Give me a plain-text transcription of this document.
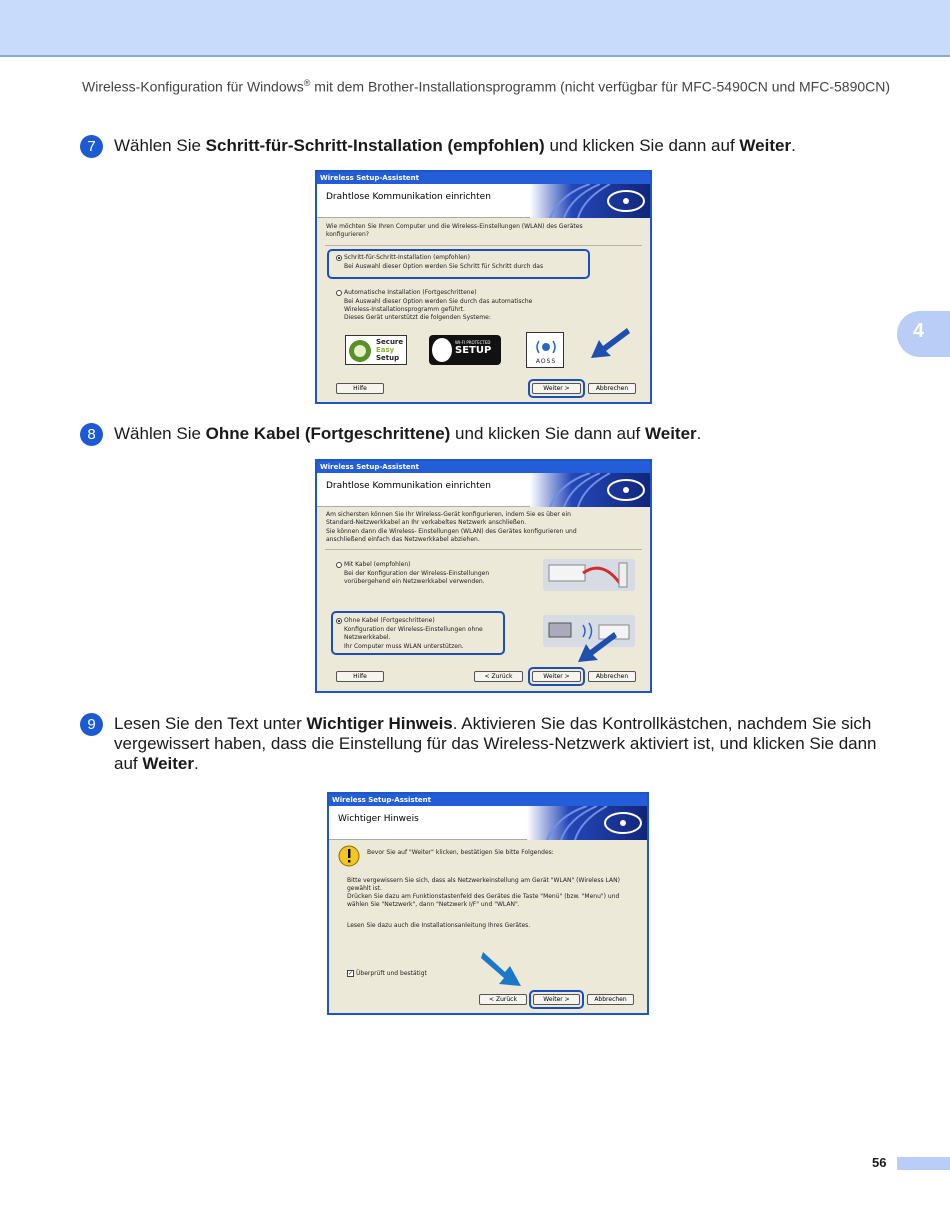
Wireless-Konfiguration für Windows® mit dem Brother-Installationsprogramm (nicht verfügbar für MFC-5490CN und MFC-5890CN)
4
7	Wählen Sie Schritt-für-Schritt-Installation (empfohlen) und klicken Sie dann auf Weiter.
Wireless Setup-Assistent
Drahtlose Kommunikation einrichten
Wie möchten Sie Ihren Computer und die Wireless-Einstellungen (WLAN) des Gerätes
konfigurieren?
Schritt-für-Schritt-Installation (empfohlen)
Bei Auswahl dieser Option werden Sie Schritt für Schritt durch das
Automatische Installation (Fortgeschrittene)
Bei Auswahl dieser Option werden Sie durch das automatische
Wireless-Installationsprogramm geführt.
Dieses Gerät unterstützt die folgenden Systeme:
Secure
Easy
Setup
WI-FI PROTECTED
SETUP
AOSS
Hilfe	Weiter >	Abbrechen
8	Wählen Sie Ohne Kabel (Fortgeschrittene) und klicken Sie dann auf Weiter.
Wireless Setup-Assistent
Drahtlose Kommunikation einrichten
Am sichersten können Sie Ihr Wireless-Gerät konfigurieren, indem Sie es über ein
Standard-Netzwerkkabel an Ihr verkabeltes Netzwerk anschließen.
Sie können dann die Wireless- Einstellungen (WLAN) des Gerätes konfigurieren und
anschließend einfach das Netzwerkkabel abziehen.
Mit Kabel (empfohlen)
Bei der Konfiguration der Wireless-Einstellungen
vorübergehend ein Netzwerkkabel verwenden.
Ohne Kabel (Fortgeschrittene)
Konfiguration der Wireless-Einstellungen ohne
Netzwerkkabel.
Ihr Computer muss WLAN unterstützen.
Hilfe	< Zurück	Weiter >	Abbrechen
9	Lesen Sie den Text unter Wichtiger Hinweis. Aktivieren Sie das Kontrollkästchen, nachdem Sie sich vergewissert haben, dass die Einstellung für das Wireless-Netzwerk aktiviert ist, und klicken Sie dann auf Weiter.
Wireless Setup-Assistent
Wichtiger Hinweis
Bevor Sie auf "Weiter" klicken, bestätigen Sie bitte Folgendes:
Bitte vergewissern Sie sich, dass als Netzwerkeinstellung am Gerät "WLAN" (Wireless LAN)
gewählt ist.
Drücken Sie dazu am Funktionstastenfeld des Gerätes die Taste "Menü" (bzw. "Menu") und
wählen Sie "Netzwerk", dann "Netzwerk I/F" und "WLAN".
Lesen Sie dazu auch die Installationsanleitung Ihres Gerätes.
✓ Überprüft und bestätigt
< Zurück	Weiter >	Abbrechen
56
